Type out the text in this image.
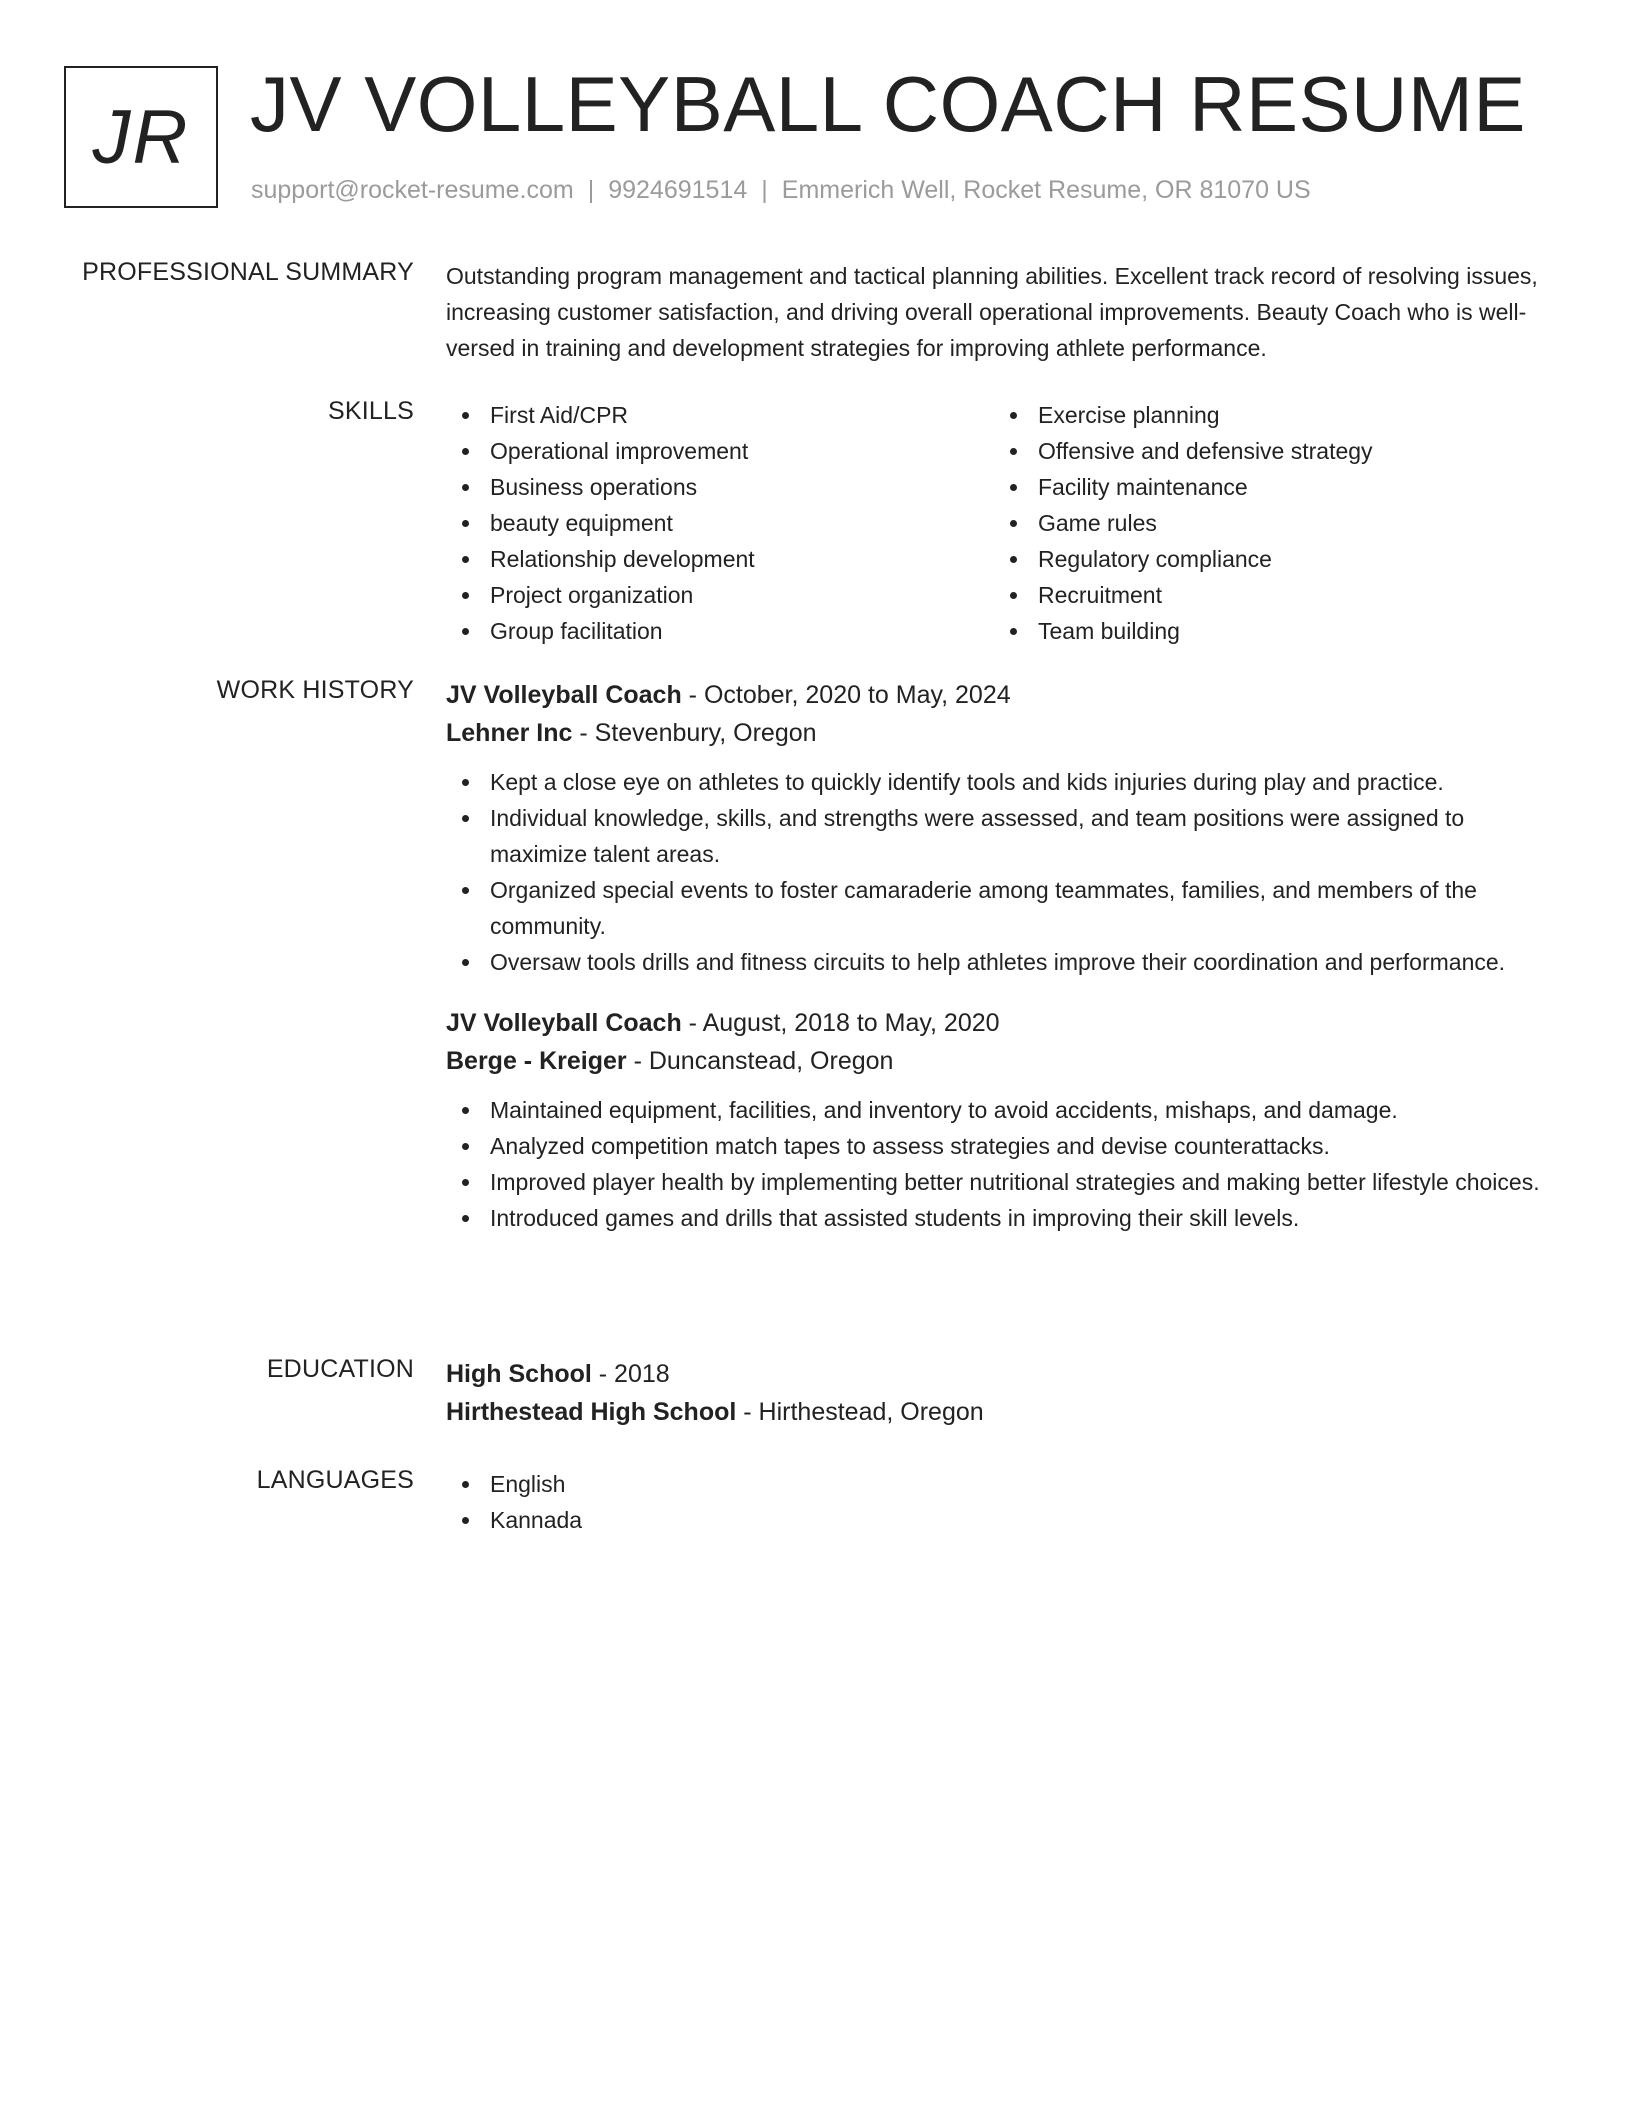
JR JV VOLLEYBALL COACH RESUME
support@rocket-resume.com | 9924691514 | Emmerich Well, Rocket Resume, OR 81070 US
PROFESSIONAL SUMMARY Outstanding program management and tactical planning abilities. Excellent track record of resolving issues, increasing customer satisfaction, and driving overall operational improvements. Beauty Coach who is well-versed in training and development strategies for improving athlete performance.
SKILLS	First Aid/CPR
Operational improvement
Business operations
beauty equipment
Relationship development
Project organization
Group facilitation
Exercise planning
Offensive and defensive strategy
Facility maintenance
Game rules
Regulatory compliance
Recruitment
Team building
WORK HISTORY JV Volleyball Coach - October, 2020 to May, 2024
Lehner Inc - Stevenbury, Oregon
Kept a close eye on athletes to quickly identify tools and kids injuries during play and practice.
Individual knowledge, skills, and strengths were assessed, and team positions were assigned to maximize talent areas.
Organized special events to foster camaraderie among teammates, families, and members of the community.
Oversaw tools drills and fitness circuits to help athletes improve their coordination and performance.
JV Volleyball Coach - August, 2018 to May, 2020
Berge - Kreiger - Duncanstead, Oregon
Maintained equipment, facilities, and inventory to avoid accidents, mishaps, and damage.
Analyzed competition match tapes to assess strategies and devise counterattacks.
Improved player health by implementing better nutritional strategies and making better lifestyle choices.
Introduced games and drills that assisted students in improving their skill levels.
EDUCATION High School - 2018
Hirthestead High School - Hirthestead, Oregon
LANGUAGES	English
Kannada
